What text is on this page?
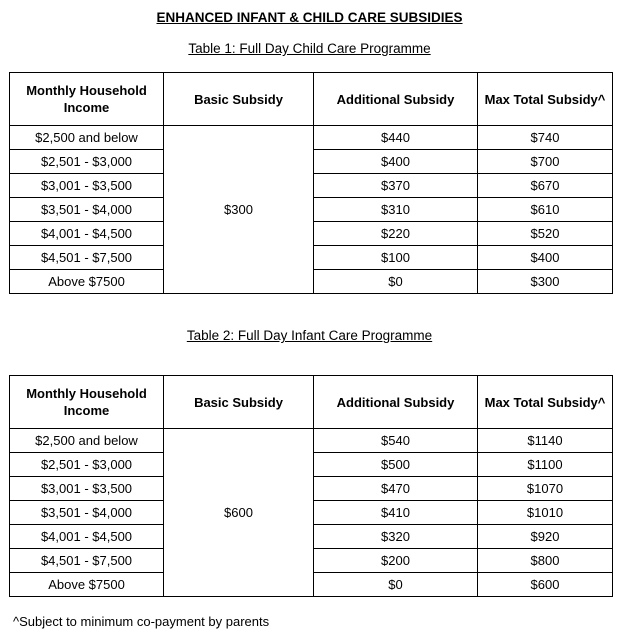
ENHANCED INFANT & CHILD CARE SUBSIDIES
Table 1: Full Day Child Care Programme
Monthly Household Income	Basic Subsidy	Additional Subsidy	Max Total Subsidy^
$2,500 and below	$300	$440	$740
$2,501 - $3,000		$400	$700
$3,001 - $3,500		$370	$670
$3,501 - $4,000		$310	$610
$4,001 - $4,500		$220	$520
$4,501 - $7,500		$100	$400
Above $7500		$0	$300
Table 2: Full Day Infant Care Programme
Monthly Household Income	Basic Subsidy	Additional Subsidy	Max Total Subsidy^
$2,500 and below	$600	$540	$1140
$2,501 - $3,000		$500	$1100
$3,001 - $3,500		$470	$1070
$3,501 - $4,000		$410	$1010
$4,001 - $4,500		$320	$920
$4,501 - $7,500		$200	$800
Above $7500		$0	$600
^Subject to minimum co-payment by parents
